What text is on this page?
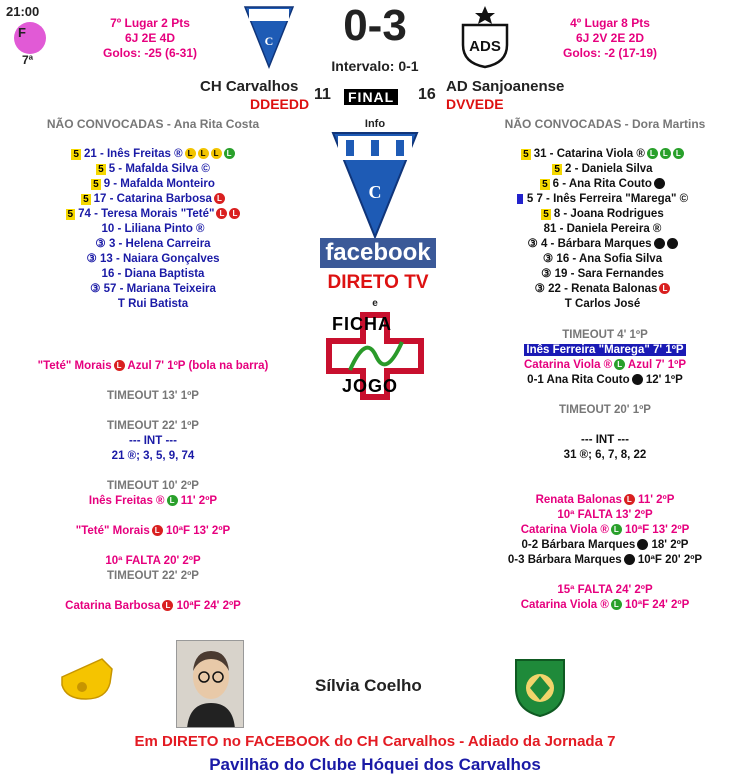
21:00
F
7ª
7º Lugar 2 Pts
6J 2E 4D
Golos: -25 (6-31)
C	0-3
Intervalo: 0-1
ADS
4º Lugar 8 Pts
6J 2V 2E 2D
Golos: -2 (17-19)
CH Carvalhos	AD Sanjoanense
DDEEDD
11 FINAL 16
DVVEDE
NÃO CONVOCADAS - Ana Rita Costa	NÃO CONVOCADAS - Dora Martins
5 21 - Inês Freitas ® L L L L
5 5 - Mafalda Silva ©
5 9 - Mafalda Monteiro
5 17 - Catarina Barbosa L
5 74 - Teresa Morais "Teté" L L
10 - Liliana Pinto ®
③ 3 - Helena Carreira
③ 13 - Naiara Gonçalves
16 - Diana Baptista
③ 57 - Mariana Teixeira
T Rui Batista
5 31 - Catarina Viola ® L L L
5 2 - Daniela Silva
5 6 - Ana Rita Couto
5 7 - Inês Ferreira "Marega" ©
5 8 - Joana Rodrigues
81 - Daniela Pereira ®
③ 4 - Bárbara Marques
③ 16 - Ana Sofia Silva
③ 19 - Sara Fernandes
③ 22 - Renata Balonas L
T Carlos José
Info
C
facebook
DIRETO TV
e
FICHA
JOGO
"Teté" Morais L Azul 7' 1ºP (bola na barra)
TIMEOUT 13' 1ºP
TIMEOUT 22' 1ºP
--- INT ---
21 ®; 3, 5, 9, 74
TIMEOUT 10' 2ºP
Inês Freitas ® L 11' 2ºP
"Teté" Morais L 10ªF 13' 2ºP
10ª FALTA 20' 2ºP
TIMEOUT 22' 2ºP
Catarina Barbosa L 10ªF 24' 2ºP
TIMEOUT 4' 1ºP
Inês Ferreira "Marega" 7' 1ºP
Catarina Viola ® L Azul 7' 1ºP
0-1 Ana Rita Couto 12' 1ºP
TIMEOUT 20' 1ºP
--- INT ---
31 ®; 6, 7, 8, 22
Renata Balonas L 11' 2ºP
10ª FALTA 13' 2ºP
Catarina Viola ® L 10ªF 13' 2ºP
0-2 Bárbara Marques 18' 2ºP
0-3 Bárbara Marques 10ªF 20' 2ºP
15ª FALTA 24' 2ºP
Catarina Viola ® L 10ªF 24' 2ºP
Sílvia Coelho
Em DIRETO no FACEBOOK do CH Carvalhos - Adiado da Jornada 7
Pavilhão do Clube Hóquei dos Carvalhos
